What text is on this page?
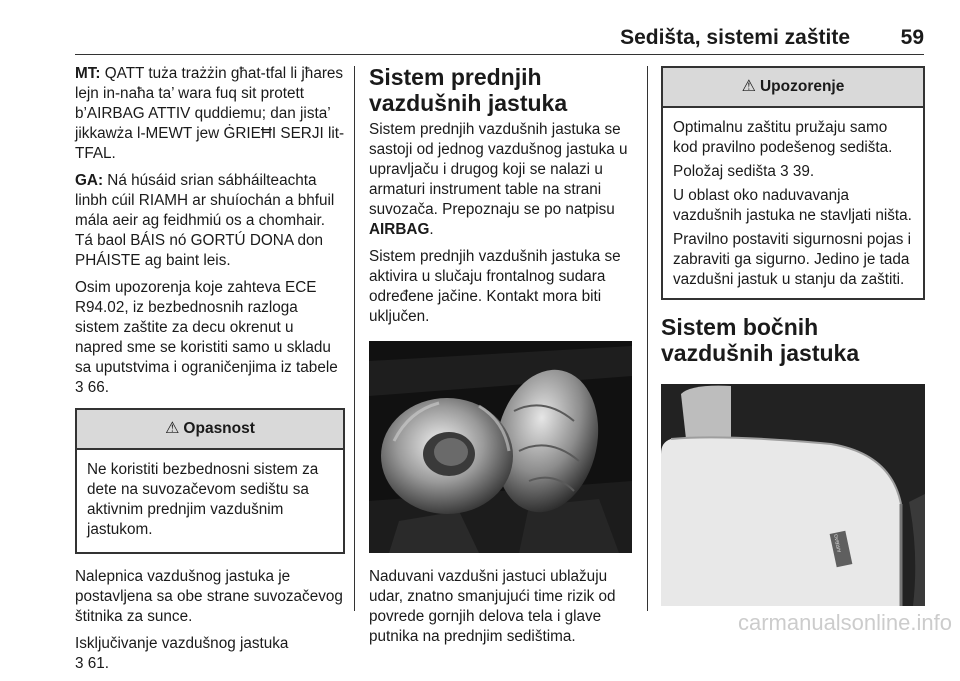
Sedišta, sistemi zaštite 59

MT: QATT tuża trażżin għat-tfal li jħares lejn in-naħa ta’ wara fuq sit protett b’AIRBAG ATTIV quddiemu; dan jista’ jikkawża l-MEWT jew ĠRIEĦI SERJI lit-TFAL.

GA: Ná húsáid srian sábháilteachta linbh cúil RIAMH ar shuíochán a bhfuil mála aeir ag feidhmiú os a chomhair. Tá baol BÁIS nó GORTÚ DONA don PHÁISTE ag baint leis.

Osim upozorenja koje zahteva ECE R94.02, iz bezbednosnih razloga sistem zaštite za decu okrenut u napred sme se koristiti samo u skladu sa uputstvima i ograničenjima iz tabele 3 66.

⚠ Opasnost

Ne koristiti bezbednosni sistem za dete na suvozačevom sedištu sa aktivnim prednjim vazdušnim jastukom.

Nalepnica vazdušnog jastuka je postavljena sa obe strane suvozačevog štitnika za sunce.

Isključivanje vazdušnog jastuka
3 61.

Sistem prednjih vazdušnih jastuka

Sistem prednjih vazdušnih jastuka se sastoji od jednog vazdušnog jastuka u upravljaču i drugog koji se nalazi u armaturi instrument table na strani suvozača. Prepoznaju se po natpisu AIRBAG.

Sistem prednjih vazdušnih jastuka se aktivira u slučaju frontalnog sudara određene jačine. Kontakt mora biti uključen.

Naduvani vazdušni jastuci ublažuju udar, znatno smanjujući time rizik od povrede gornjih delova tela i glave putnika na prednjim sedištima.

⚠ Upozorenje

Optimalnu zaštitu pružaju samo kod pravilno podešenog sedišta.

Položaj sedišta 3 39.

U oblast oko naduvavanja vazdušnih jastuka ne stavljati ništa.

Pravilno postaviti sigurnosni pojas i zabraviti ga sigurno. Jedino je tada vazdušni jastuk u stanju da zaštiti.

Sistem bočnih vazdušnih jastuka
AIRBAG
carmanualsonline.info
